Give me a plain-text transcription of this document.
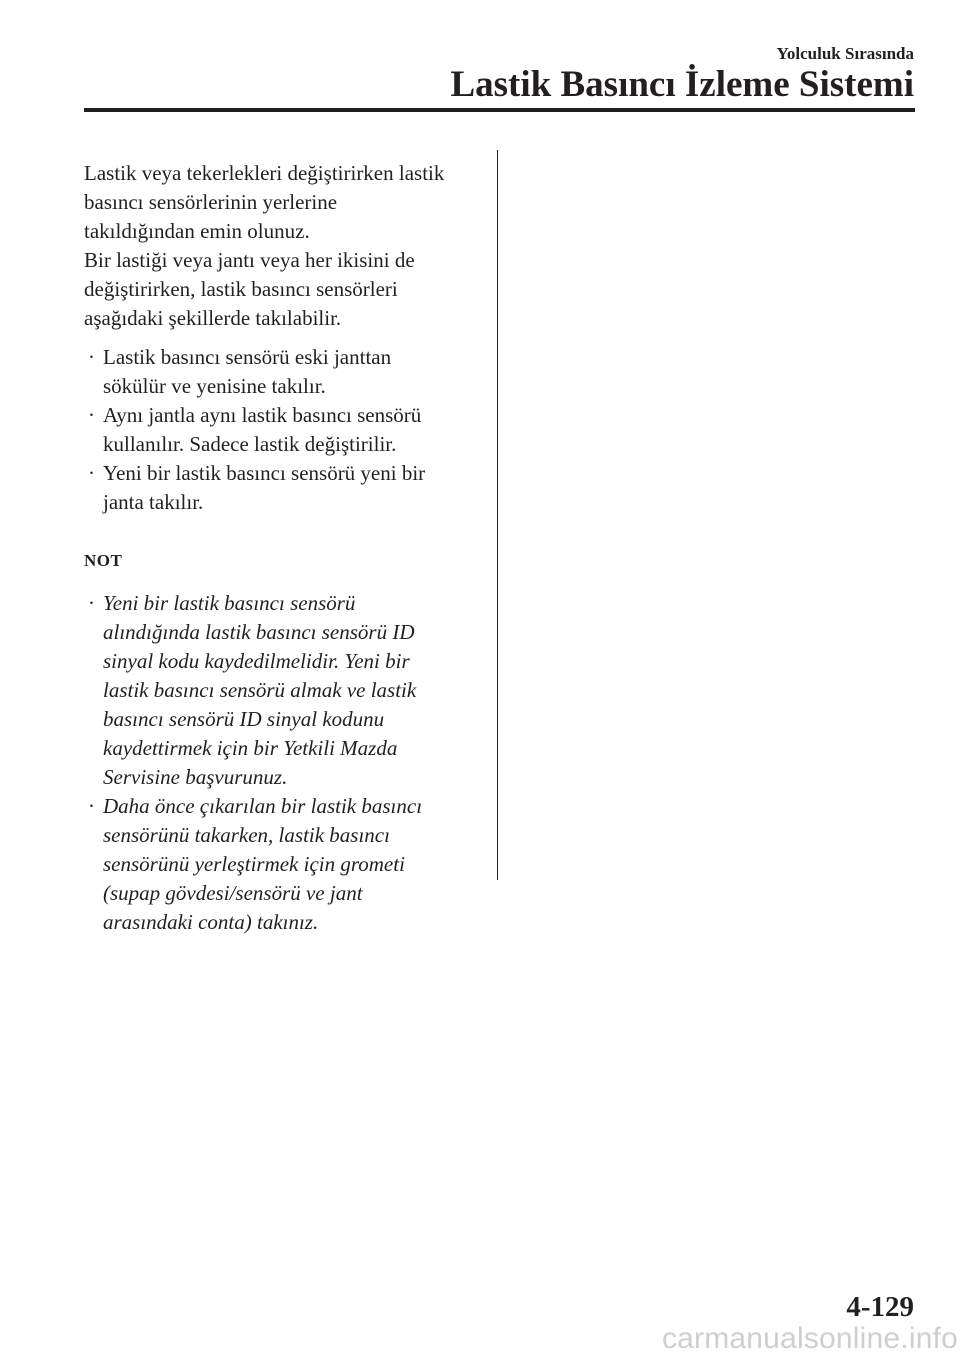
Yolculuk Sırasında
Lastik Basıncı İzleme Sistemi

Lastik veya tekerlekleri değiştirirken lastik
basıncı sensörlerinin yerlerine
takıldığından emin olunuz.

Bir lastiği veya jantı veya her ikisini de
değiştirirken, lastik basıncı sensörleri
aşağıdaki şekillerde takılabilir.

· Lastik basıncı sensörü eski janttan
sökülür ve yenisine takılır.
· Aynı jantla aynı lastik basıncı sensörü
kullanılır. Sadece lastik değiştirilir.
· Yeni bir lastik basıncı sensörü yeni bir
janta takılır.
NOT
· Yeni bir lastik basıncı sensörü
alındığında lastik basıncı sensörü ID
sinyal kodu kaydedilmelidir. Yeni bir
lastik basıncı sensörü almak ve lastik
basıncı sensörü ID sinyal kodunu
kaydettirmek için bir Yetkili Mazda
Servisine başvurunuz.
· Daha önce çıkarılan bir lastik basıncı
sensörünü takarken, lastik basıncı
sensörünü yerleştirmek için grometi
(supap gövdesi/sensörü ve jant
arasındaki conta) takınız.
4-129
carmanualsonline.info
